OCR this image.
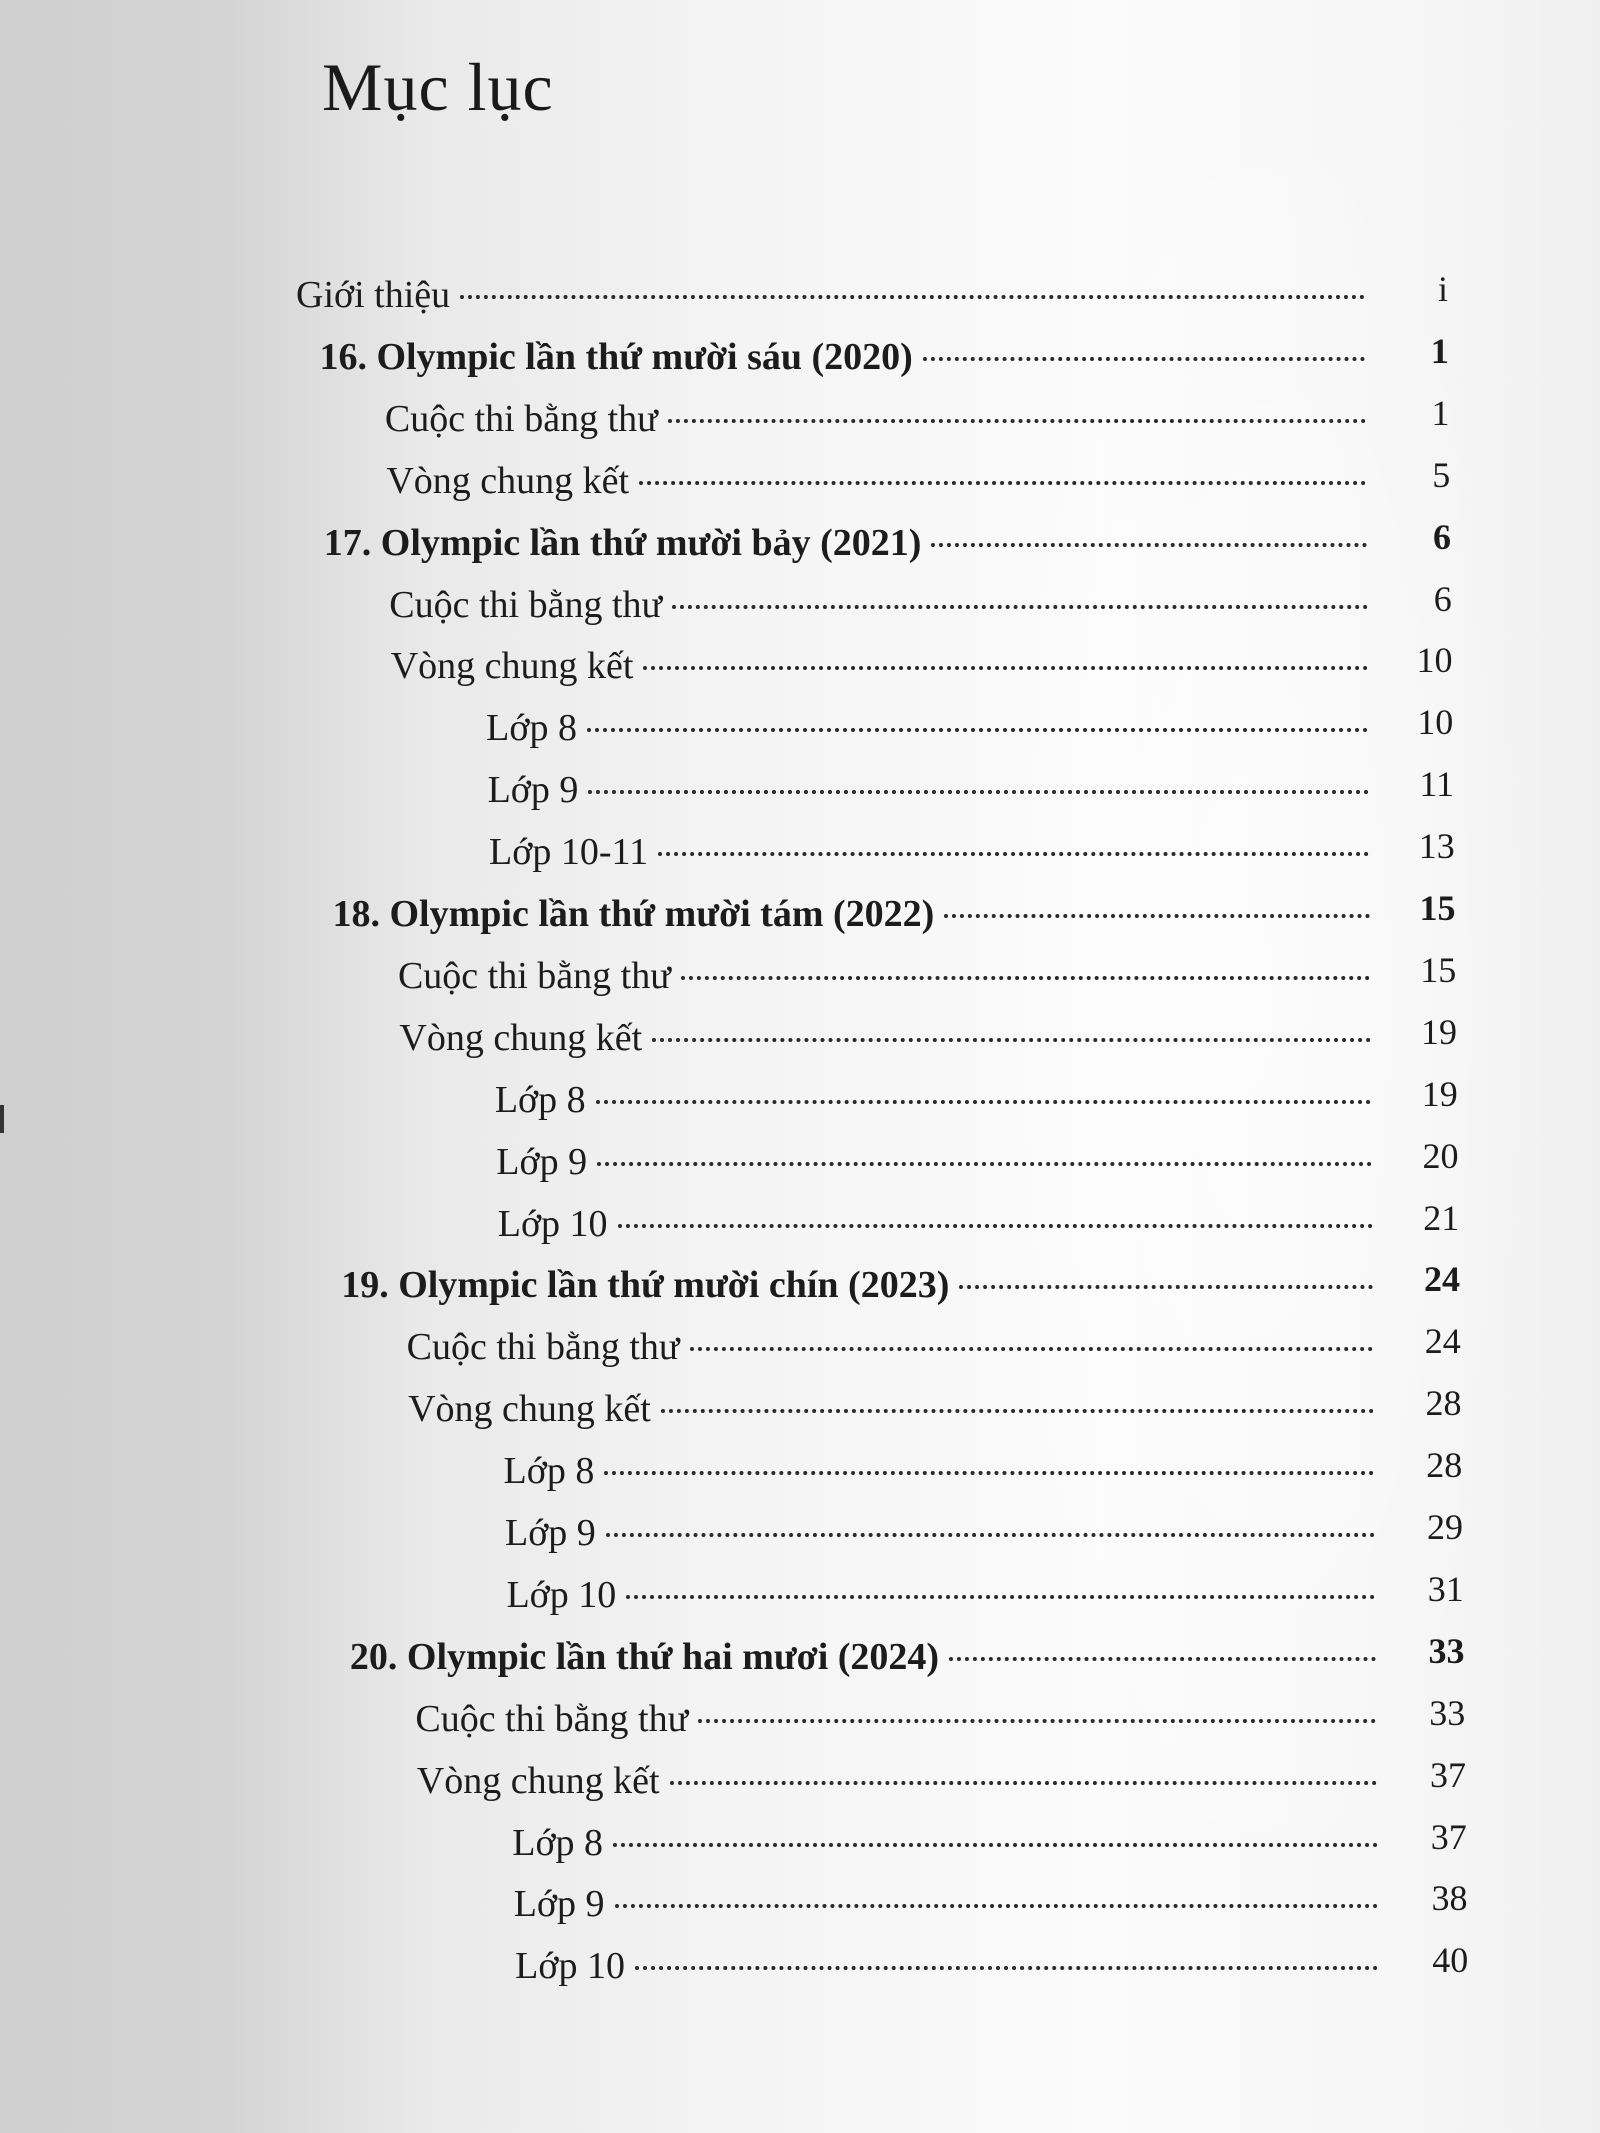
Mục lục
Giới thiệu	i
16. Olympic lần thứ mười sáu (2020)	1
Cuộc thi bằng thư	1
Vòng chung kết	5
17. Olympic lần thứ mười bảy (2021)	6
Cuộc thi bằng thư	6
Vòng chung kết	10
Lớp 8	10
Lớp 9	11
Lớp 10-11	13
18. Olympic lần thứ mười tám (2022)	15
Cuộc thi bằng thư	15
Vòng chung kết	19
Lớp 8	19
Lớp 9	20
Lớp 10	21
19. Olympic lần thứ mười chín (2023)	24
Cuộc thi bằng thư	24
Vòng chung kết	28
Lớp 8	28
Lớp 9	29
Lớp 10	31
20. Olympic lần thứ hai mươi (2024)	33
Cuộc thi bằng thư	33
Vòng chung kết	37
Lớp 8	37
Lớp 9	38
Lớp 10	40
